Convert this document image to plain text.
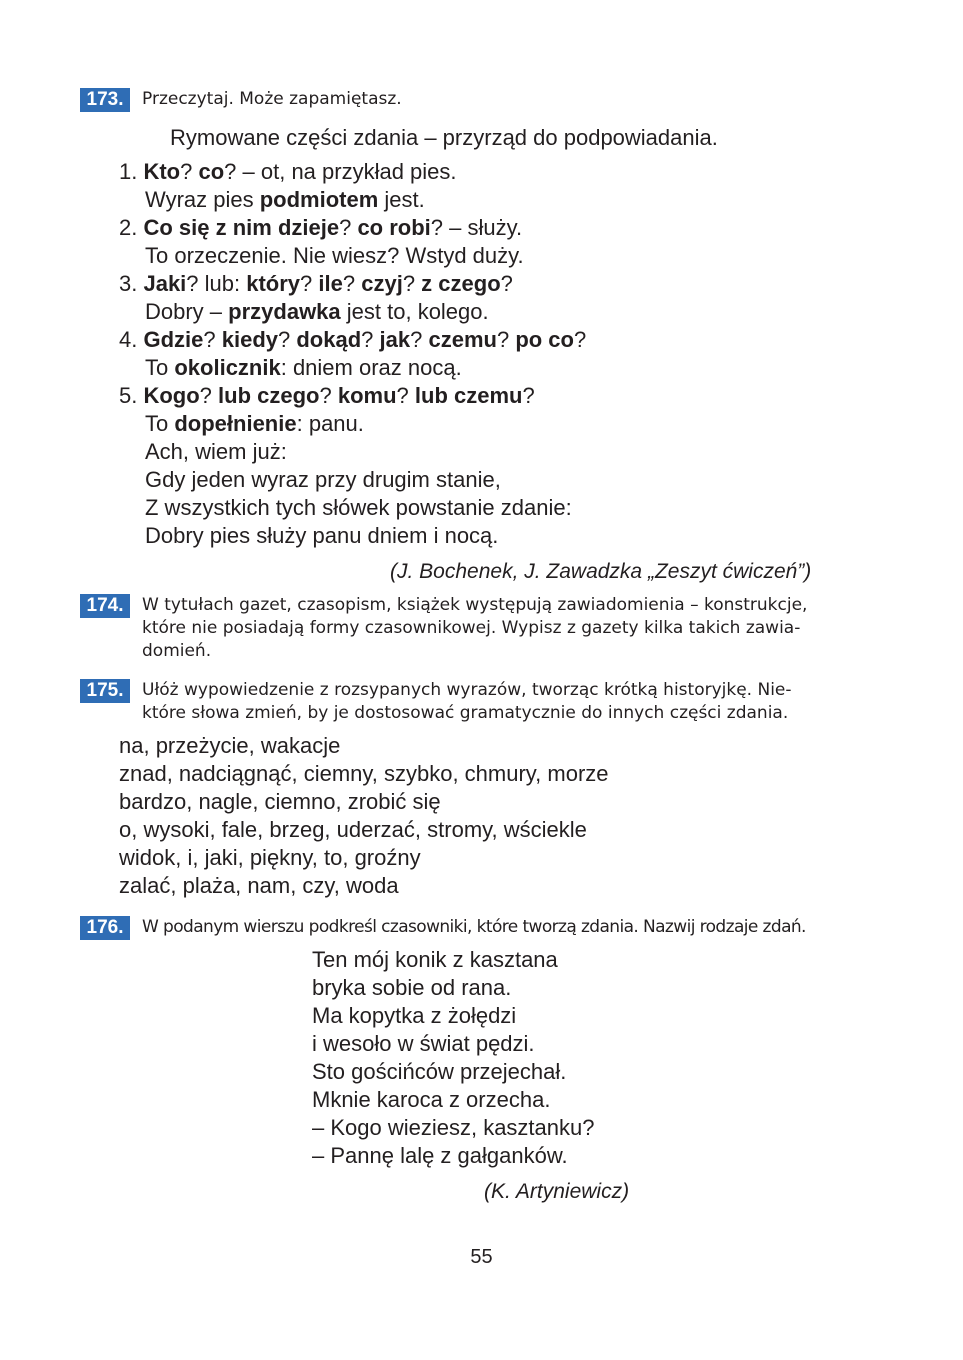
173.	Przeczytaj. Może zapamiętasz.
Rymowane części zdania – przyrząd do podpowiadania.
1. Kto? co? – ot, na przykład pies.
Wyraz pies podmiotem jest.
2. Co się z nim dzieje? co robi? – służy.
To orzeczenie. Nie wiesz? Wstyd duży.
3. Jaki? lub: który? ile? czyj? z czego?
Dobry – przydawka jest to, kolego.
4. Gdzie? kiedy? dokąd? jak? czemu? po co?
To okolicznik: dniem oraz nocą.
5. Kogo? lub czego? komu? lub czemu?
To dopełnienie: panu.
Ach, wiem już:
Gdy jeden wyraz przy drugim stanie,
Z wszystkich tych słówek powstanie zdanie:
Dobry pies służy panu dniem i nocą.
(J. Bochenek, J. Zawadzka „Zeszyt ćwiczeń”)
174.	W tytułach gazet, czasopism, książek występują zawiadomienia – konstrukcje,
które nie posiadają formy czasownikowej. Wypisz z gazety kilka takich zawia-
domień.
175.	Ułóż wypowiedzenie z rozsypanych wyrazów, tworząc krótką historyjkę. Nie-
które słowa zmień, by je dostosować gramatycznie do innych części zdania.
na, przeżycie, wakacje
znad, nadciągnąć, ciemny, szybko, chmury, morze
bardzo, nagle, ciemno, zrobić się
o, wysoki, fale, brzeg, uderzać, stromy, wściekle
widok, i, jaki, piękny, to, groźny
zalać, plaża, nam, czy, woda
176.	W podanym wierszu podkreśl czasowniki, które tworzą zdania. Nazwij rodzaje zdań.
Ten mój konik z kasztana
bryka sobie od rana.
Ma kopytka z żołędzi
i wesoło w świat pędzi.
Sto gościńców przejechał.
Mknie karoca z orzecha.
– Kogo wieziesz, kasztanku?
– Pannę lalę z gałganków.
(K. Artyniewicz)
55
